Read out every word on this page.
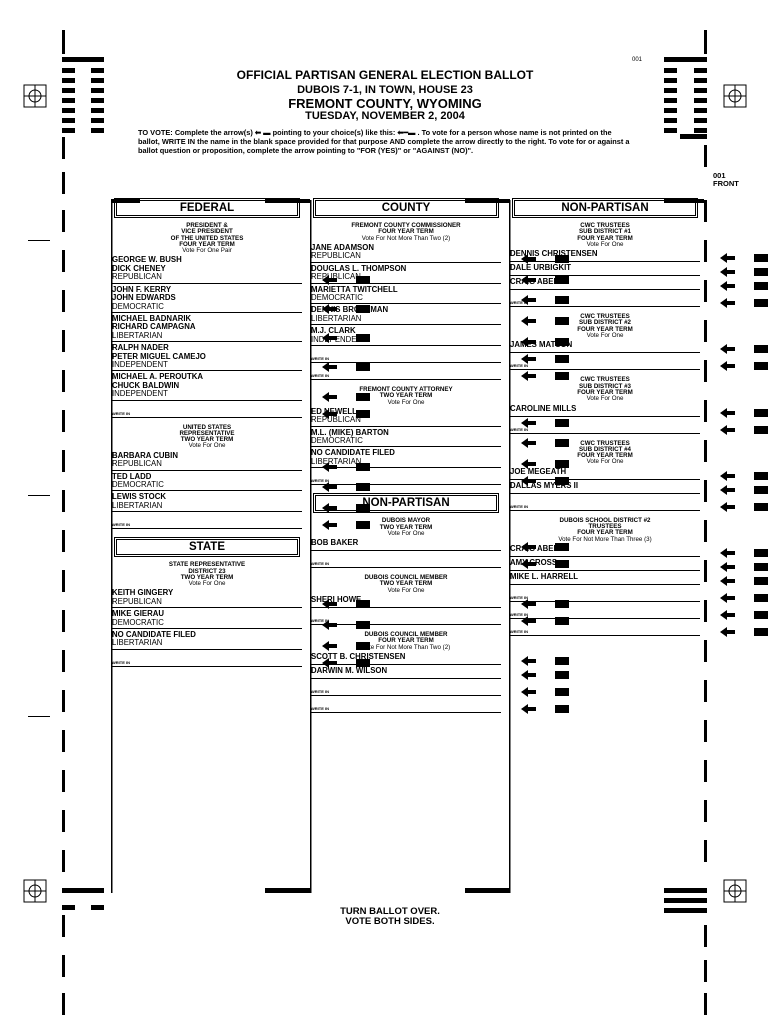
001
001 FRONT
OFFICIAL PARTISAN GENERAL ELECTION BALLOT
DUBOIS 7-1, IN TOWN, HOUSE 23
FREMONT COUNTY, WYOMING
TUESDAY, NOVEMBER 2, 2004
TO VOTE: Complete the arrow(s) ⬅ ▬ pointing to your choice(s) like this: ⬅━▬ . To vote for a person whose name is not printed on the ballot, WRITE IN the name in the blank space provided for that purpose AND complete the arrow directly to the right. To vote for or against a ballot question or proposition, complete the arrow pointing to "FOR (YES)" or "AGAINST (NO)".
FEDERAL
PRESIDENT &
VICE PRESIDENT
OF THE UNITED STATES
FOUR YEAR TERM
Vote For One Pair
GEORGE W. BUSH
DICK CHENEY
REPUBLICAN
JOHN F. KERRY
JOHN EDWARDS
DEMOCRATIC
MICHAEL BADNARIK
RICHARD CAMPAGNA
LIBERTARIAN
RALPH NADER
PETER MIGUEL CAMEJO
INDEPENDENT
MICHAEL A. PEROUTKA
CHUCK BALDWIN
INDEPENDENT
WRITE IN
UNITED STATES
REPRESENTATIVE
TWO YEAR TERM
Vote For One
BARBARA CUBIN
REPUBLICAN
TED LADD
DEMOCRATIC
LEWIS STOCK
LIBERTARIAN
WRITE IN
STATE
STATE REPRESENTATIVE
DISTRICT 23
TWO YEAR TERM
Vote For One
KEITH GINGERY
REPUBLICAN
MIKE GIERAU
DEMOCRATIC
NO CANDIDATE FILED
LIBERTARIAN
WRITE IN
COUNTY
FREMONT COUNTY COMMISSIONER
FOUR YEAR TERM
Vote For Not More Than Two (2)
JANE ADAMSON
REPUBLICAN
DOUGLAS L. THOMPSON
REPUBLICAN
MARIETTA TWITCHELL
DEMOCRATIC
DENNIS BROSSMAN
LIBERTARIAN
M.J. CLARK
INDEPENDENT
WRITE IN
WRITE IN
FREMONT COUNTY ATTORNEY
TWO YEAR TERM
Vote For One
ED NEWELL
REPUBLICAN
M.L. (MIKE) BARTON
DEMOCRATIC
NO CANDIDATE FILED
LIBERTARIAN
WRITE IN
NON-PARTISAN
DUBOIS MAYOR
TWO YEAR TERM
Vote For One
BOB BAKER
WRITE IN
DUBOIS COUNCIL MEMBER
TWO YEAR TERM
Vote For One
SHERI HOWE
WRITE IN
DUBOIS COUNCIL MEMBER
FOUR YEAR TERM
Vote For Not More Than Two (2)
SCOTT B. CHRISTENSEN
DARWIN M. WILSON
WRITE IN
WRITE IN
NON-PARTISAN
CWC TRUSTEES
SUB DISTRICT #1
FOUR YEAR TERM
Vote For One
DENNIS CHRISTENSEN
DALE URBIGKIT
CRAIG ABEL
WRITE IN
CWC TRUSTEES
SUB DISTRICT #2
FOUR YEAR TERM
Vote For One
JAMES MATSON
WRITE IN
CWC TRUSTEES
SUB DISTRICT #3
FOUR YEAR TERM
Vote For One
CAROLINE MILLS
WRITE IN
CWC TRUSTEES
SUB DISTRICT #4
FOUR YEAR TERM
Vote For One
JOE MEGEATH
DALLAS MYERS II
WRITE IN
DUBOIS SCHOOL DISTRICT #2
TRUSTEES
FOUR YEAR TERM
Vote For Not More Than Three (3)
CRAIG ABEL
AMY CROSS
MIKE L. HARRELL
WRITE IN
WRITE IN
WRITE IN
TURN BALLOT OVER.
VOTE BOTH SIDES.
